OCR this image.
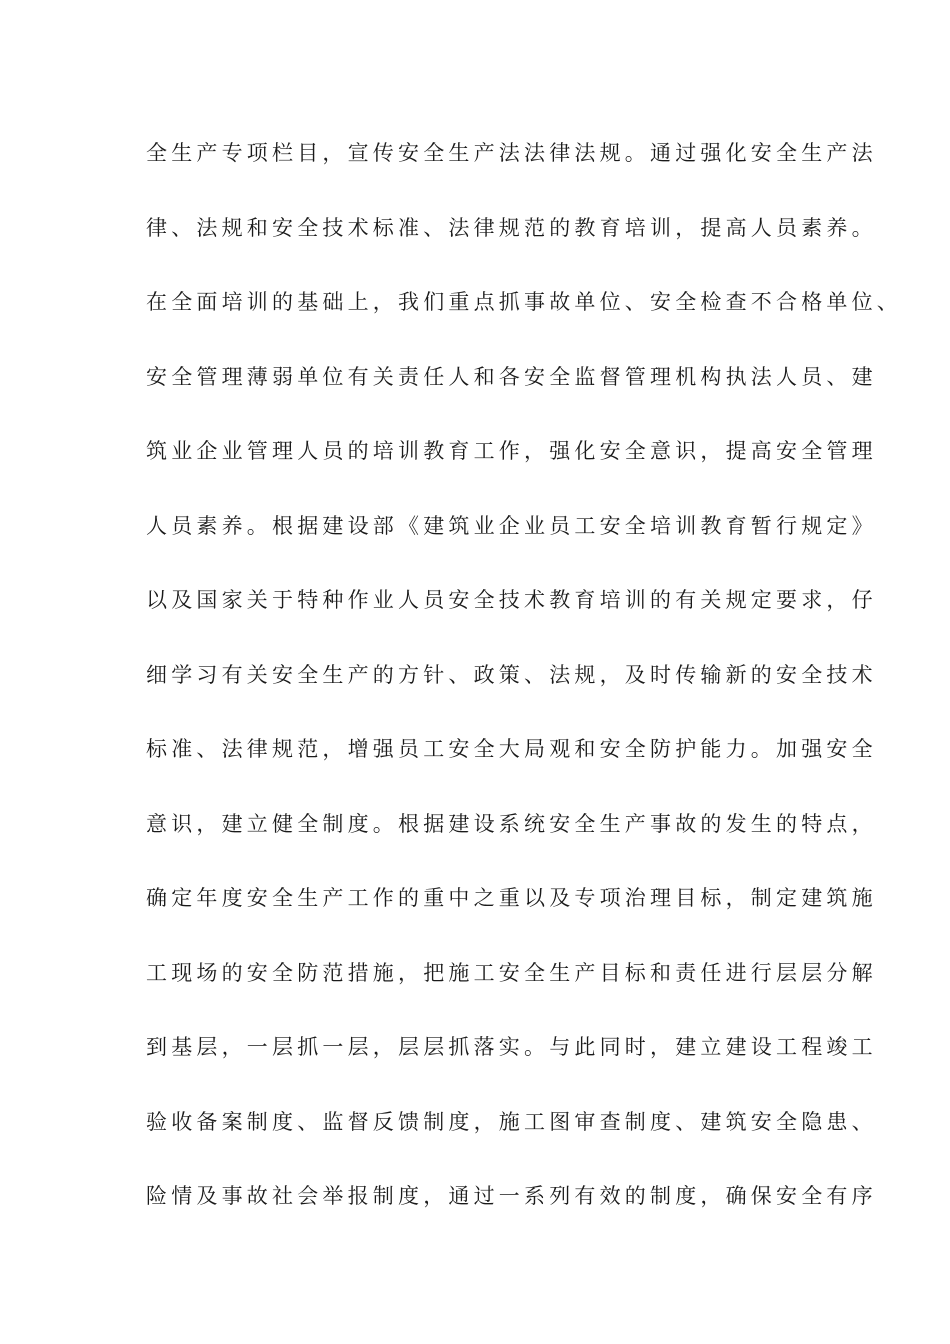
全生产专项栏目，宣传安全生产法法律法规。通过强化安全生产法
律、法规和安全技术标准、法律规范的教育培训，提高人员素养。
在全面培训的基础上，我们重点抓事故单位、安全检查不合格单位、
安全管理薄弱单位有关责任人和各安全监督管理机构执法人员、建
筑业企业管理人员的培训教育工作，强化安全意识，提高安全管理
人员素养。根据建设部《建筑业企业员工安全培训教育暂行规定》
以及国家关于特种作业人员安全技术教育培训的有关规定要求，仔
细学习有关安全生产的方针、政策、法规，及时传输新的安全技术
标准、法律规范，增强员工安全大局观和安全防护能力。加强安全
意识，建立健全制度。根据建设系统安全生产事故的发生的特点，
确定年度安全生产工作的重中之重以及专项治理目标，制定建筑施
工现场的安全防范措施，把施工安全生产目标和责任进行层层分解
到基层，一层抓一层，层层抓落实。与此同时，建立建设工程竣工
验收备案制度、监督反馈制度，施工图审查制度、建筑安全隐患、
险情及事故社会举报制度，通过一系列有效的制度，确保安全有序
